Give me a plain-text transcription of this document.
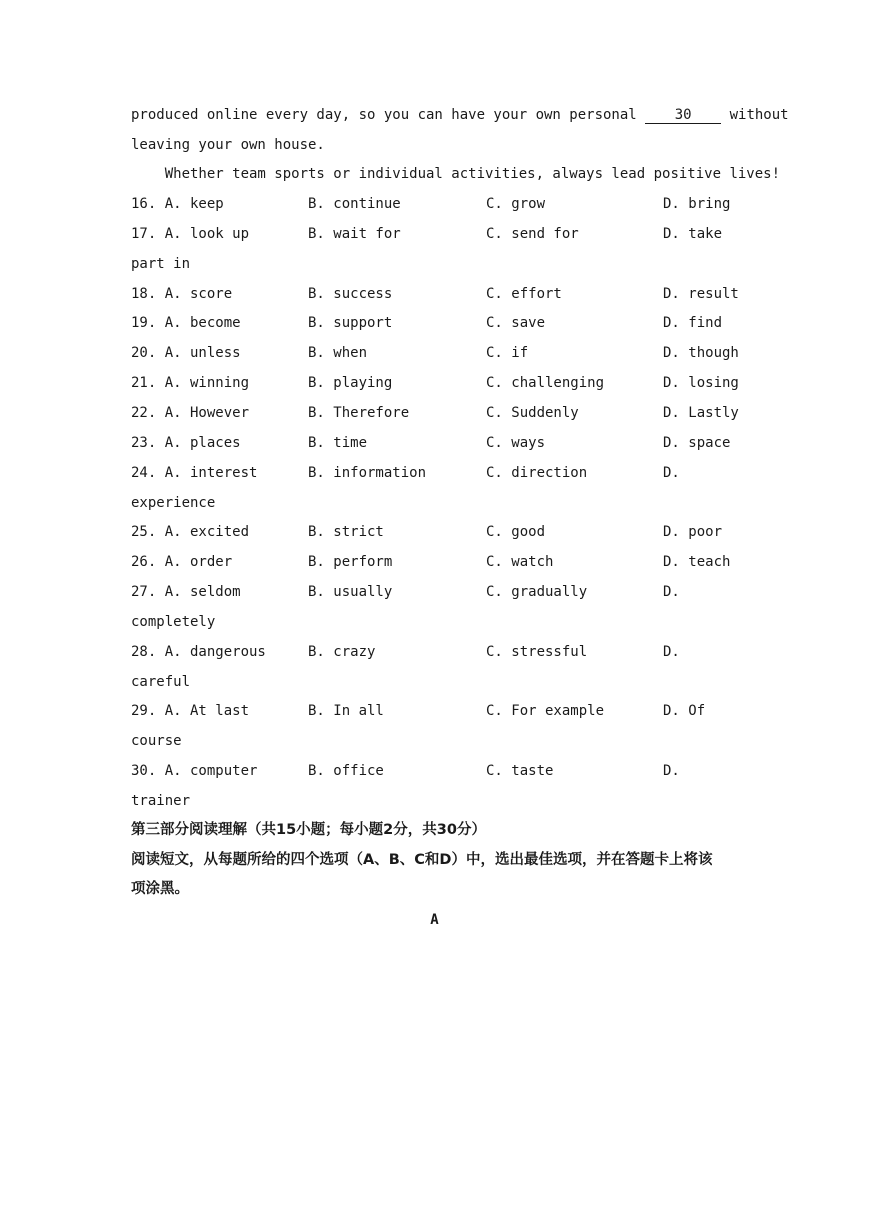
produced online every day, so you can have your own personal 30 without
leaving your own house.
Whether team sports or individual activities, always lead positive lives!
16. A. keep	B. continue	C. grow	D. bring
17. A. look up	B. wait for	C. send for	D. take
part in
18. A. score	B. success	C. effort	D. result
19. A. become	B. support	C. save	D. find
20. A. unless	B. when	C. if	D. though
21. A. winning	B. playing	C. challenging	D. losing
22. A. However	B. Therefore	C. Suddenly	D. Lastly
23. A. places	B. time	C. ways	D. space
24. A. interest	B. information	C. direction	D.
experience
25. A. excited	B. strict	C. good	D. poor
26. A. order	B. perform	C. watch	D. teach
27. A. seldom	B. usually	C. gradually	D.
completely
28. A. dangerous	B. crazy	C. stressful	D.
careful
29. A. At last	B. In all	C. For example	D. Of
course
30. A. computer	B. office	C. taste	D.
trainer
第三部分阅读理解（共15小题；每小题2分，共30分）
阅读短文，从每题所给的四个选项（A、B、C和D）中，选出最佳选项，并在答题卡上将该
项涂黑。
A
